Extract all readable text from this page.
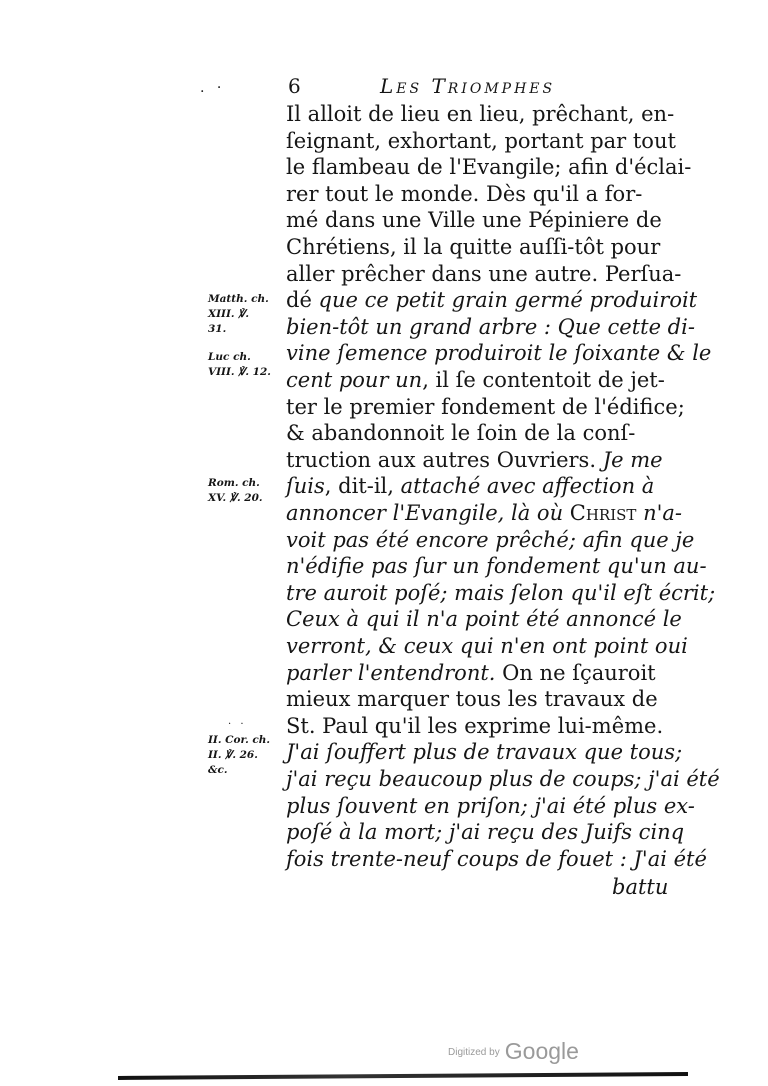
. ·	6	Les Triomphes
Il alloit de lieu en lieu, prêchant, en-
ſeignant, exhortant, portant par tout
le flambeau de l'Evangile; afin d'éclai-
rer tout le monde. Dès qu'il a for-
mé dans une Ville une Pépiniere de
Chrétiens, il la quitte auſſi-tôt pour
aller prêcher dans une autre. Perſua-
dé que ce petit grain germé produiroit
bien-tôt un grand arbre : Que cette di-
vine ſemence produiroit le ſoixante & le
cent pour un, il ſe contentoit de jet-
ter le premier fondement de l'édifice;
& abandonnoit le ſoin de la conſ-
truction aux autres Ouvriers. Je me
ſuis, dit-il, attaché avec affection à
annoncer l'Evangile, là où Christ n'a-
voit pas été encore prêché; afin que je
n'édifie pas ſur un fondement qu'un au-
tre auroit poſé; mais ſelon qu'il eſt écrit;
Ceux à qui il n'a point été annoncé le
verront, & ceux qui n'en ont point oui
parler l'entendront. On ne ſçauroit
mieux marquer tous les travaux de
St. Paul qu'il les exprime lui-même.
J'ai ſouffert plus de travaux que tous;
j'ai reçu beaucoup plus de coups; j'ai été
plus ſouvent en priſon; j'ai été plus ex-
poſé à la mort; j'ai reçu des Juifs cinq
fois trente-neuf coups de fouet : J'ai été
battu
Matth. ch.
XIII. ℣.
31.
Luc ch.
VIII. ℣. 12.
Rom. ch.
XV. ℣. 20.
II. Cor. ch.
II. ℣. 26.
&c.
. .
$^{Digitized by}$ Google
